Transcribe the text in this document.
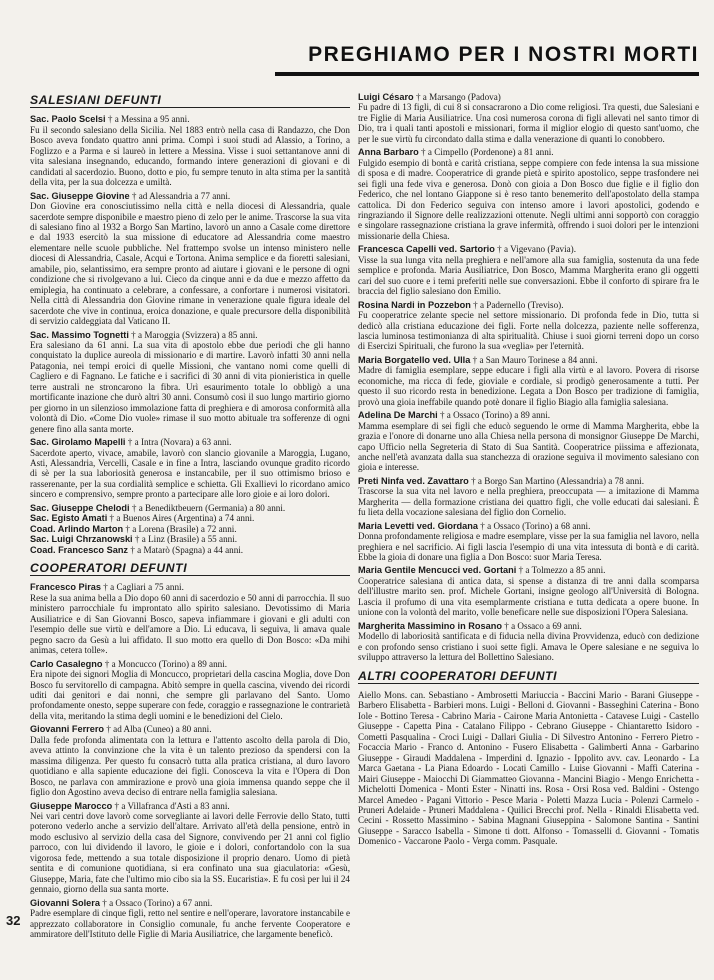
PREGHIAMO PER I NOSTRI MORTI
SALESIANI DEFUNTI
Sac. Paolo Scelsi † a Messina a 95 anni.
Fu il secondo salesiano della Sicilia. Nel 1883 entrò nella casa di Randazzo, che Don Bosco aveva fondato quattro anni prima. Compì i suoi studi ad Alassio, a Torino, a Foglizzo e a Parma e si laureò in lettere a Messina. Visse i suoi settantanove anni di vita salesiana insegnando, educando, formando intere generazioni di giovani e di candidati al sacerdozio. Buono, dotto e pio, fu sempre tenuto in alta stima per la santità della vita, per la sua dolcezza e umiltà.
Sac. Giuseppe Giovine † ad Alessandria a 77 anni.
Don Giovine era conosciutissimo nella città e nella diocesi di Alessandria, quale sacerdote sempre disponibile e maestro pieno di zelo per le anime. Trascorse la sua vita di salesiano fino al 1932 a Borgo San Martino, lavorò un anno a Casale come direttore e dal 1933 esercitò la sua missione di educatore ad Alessandria come maestro elementare nelle scuole pubbliche. Nel frattempo svolse un intenso ministero nelle diocesi di Alessandria, Casale, Acqui e Tortona. Anima semplice e da fioretti salesiani, amabile, pio, selantissimo, era sempre pronto ad aiutare i giovani e le persone di ogni condizione che si rivolgevano a lui. Cieco da cinque anni e da due e mezzo affetto da emiplegia, ha continuato a celebrare, a confessare, a confortare i numerosi visitatori. Nella città di Alessandria don Giovine rimane in venerazione quale figura ideale del sacerdote che vive in continua, eroica donazione, e quale precursore della disponibilità di servizio caldeggiata dal Vaticano II.
Sac. Massimo Tognetti † a Maroggia (Svizzera) a 85 anni.
Era salesiano da 61 anni. La sua vita di apostolo ebbe due periodi che gli hanno conquistato la duplice aureola di missionario e di martire. Lavorò infatti 30 anni nella Patagonia, nei tempi eroici di quelle Missioni, che vantano nomi come quelli di Cagliero e di Fagnano. Le fatiche e i sacrifici di 30 anni di vita pionieristica in quelle terre australi ne stroncarono la fibra. Urì esaurimento totale lo obbligò a una mortificante inazione che durò altri 30 anni. Consumò così il suo lungo martirio giorno per giorno in un silenzioso immolazione fatta di preghiera e di amorosa conformità alla volontà di Dio. «Come Dio vuole» rimase il suo motto abituale tra sofferenze di ogni genere fino alla santa morte.
Sac. Girolamo Mapelli † a Intra (Novara) a 63 anni.
Sacerdote aperto, vivace, amabile, lavorò con slancio giovanile a Maroggia, Lugano, Asti, Alessandria, Vercelli, Casale e in fine a Intra, lasciando ovunque gradito ricordo di sè per la sua laboriosità generosa e instancabile, per il suo ottimismo briosо e rasserenante, per la sua cordialità semplice e schietta. Gli Exallievi lo ricordano amico sincero e comprensivo, sempre pronto a partecipare alle loro gioie e ai loro dolori.
Sac. Giuseppe Chelodi † a Benediktbeuern (Germania) a 80 anni.
Sac. Egisto Amati † a Buenos Aires (Argentina) a 74 anni.
Coad. Arlindo Marton † a Lorena (Brasile) a 72 anni.
Sac. Luigi Chrzanowski † a Linz (Brasile) a 55 anni.
Coad. Francesco Sanz † a Matarò (Spagna) a 44 anni.
COOPERATORI DEFUNTI
Francesco Piras † a Cagliari a 75 anni.
Rese la sua anima bella a Dio dopo 60 anni di sacerdozio e 50 anni di parrocchia. Il suo ministero parrocchiale fu improntato allo spirito salesiano. Devotissimo di Maria Ausiliatrice e di San Giovanni Bosco, sapeva infiammare i giovani e gli adulti con l'esempio delle sue virtù e dell'amore a Dio. Li educava, li seguiva, li amava quale pegno sacro da Gesù a lui affidato. Il suo motto era quello di Don Bosco: «Da mihi animas, cetera tolle».
Carlo Casalegno † a Moncucco (Torino) a 89 anni.
Era nipote dei signori Moglia di Moncucco, proprietari della cascina Moglia, dove Don Bosco fu servitorello di campagna. Abitò sempre in quella cascina, vivendo dei ricordi uditi dai genitori e dai nonni, che sempre gli parlavano del Santo. Uomo profondamente onesto, seppe superare con fede, coraggio e rassegnazione le contrarietà della vita, meritando la stima degli uomini e le benedizioni del Cielo.
Giovanni Ferrero † ad Alba (Cuneo) a 80 anni.
Dalla fede profonda alimentata con la lettura e l'attento ascolto della parola di Dio, aveva attinto la convinzione che la vita è un talento prezioso da spendersi con la massima diligenza. Per questo fu consacrò tutta alla pratica cristiana, al duro lavoro quotidiano e alla sapiente educazione dei figli. Conosceva la vita e l'Opera di Don Bosco, ne parlava con ammirazione e provò una gioia immensa quando seppe che il figlio don Agostino aveva deciso di entrare nella famiglia salesiana.
Giuseppe Marocco † a Villafranca d'Asti a 83 anni.
Nei vari centri dove lavorò come sorvegliante ai lavori delle Ferrovie dello Stato, tutti poterono vederlo anche a servizio dell'altare. Arrivato all'età della pensione, entrò in modo esclusivo al servizio della casa del Signore, convivendo per 21 anni col figlio parroco, con lui dividendo il lavoro, le gioie e i dolori, confortandolo con la sua vigorosa fede, mettendo a sua totale disposizione il proprio denaro. Uomo di pietà sentita e di comunione quotidiana, si era confinato una sua giaculatoria: «Gesù, Giuseppe, Maria, fate che l'ultimo mio cibo sia la SS. Eucaristia». E fu così per lui il 24 gennaio, giorno della sua santa morte.
Giovanni Solera † a Ossaco (Torino) a 67 anni.
Padre esemplare di cinque figli, retto nel sentire e nell'operare, lavoratore instancabile e apprezzato collaboratore in Consiglio comunale, fu anche fervente Cooperatore e ammiratore dell'Istituto delle Figlie di Maria Ausiliatrice, che largamente beneficò.
Luigi Césaro † a Marsango (Padova)
Fu padre di 13 figli, di cui 8 si consacrarono a Dio come religiosi. Tra questi, due Salesiani e tre Figlie di Maria Ausiliatrice. Una così numerosa corona di figli allevati nel santo timor di Dio, tra i quali tanti apostoli e missionari, forma il miglior elogio di questo sant'uomo, che per le sue virtù fu circondato dalla stima e dalla venerazione di quanti lo conobbero.
Anna Barbaro † a Cimpello (Pordenone) a 81 anni.
Fulgido esempio di bontà e carità cristiana, seppe compiere con fede intensa la sua missione di sposa e di madre. Cooperatrice di grande pietà e spirito apostolico, seppe trasfondere nei sei figli una fede viva e generosa. Donò con gioia a Don Bosco due figlie e il figlio don Federico, che nel lontano Giappone si è reso tanto benemerito dell'apostolato della stampa cattolica. Di don Federico seguiva con intenso amore i lavori apostolici, godendo e ringraziando il Signore delle realizzazioni ottenute. Negli ultimi anni sopportò con coraggio e singolare rassegnazione cristiana la grave infermità, offrendo i suoi dolori per le intenzioni missionarie della Chiesa.
Francesca Capelli ved. Sartorio † a Vigevano (Pavia).
Visse la sua lunga vita nella preghiera e nell'amore alla sua famiglia, sostenuta da una fede semplice e profonda. Maria Ausiliatrice, Don Bosco, Mamma Margherita erano gli oggetti cari del suo cuore e i temi preferiti nelle sue conversazioni. Ebbe il conforto di spirare fra le braccia del figlio salesiano don Emilio.
Rosina Nardi in Pozzebon † a Padernello (Treviso).
Fu cooperatrice zelante specie nel settore missionario. Di profonda fede in Dio, tutta si dedicò alla cristiana educazione dei figli. Forte nella dolcezza, paziente nelle sofferenza, lascia luminosa testimonianza di alta spiritualità. Chiuse i suoi giorni terreni dopo un corso di Esercizi Spirituali, che furono la sua «veglia» per l'eternità.
Maria Borgatello ved. Ulla † a San Mauro Torinese a 84 anni.
Madre di famiglia esemplare, seppe educare i figli alla virtù e al lavoro. Povera di risorse economiche, ma ricca di fede, giovialе e cordiale, si prodigò generosamente a tutti. Per questo il suo ricordo resta in benedizione. Legata a Don Bosco per tradizione di famiglia, provò una gioia ineffabile quando potè donare il figlio Biagio alla famiglia salesiana.
Adelina De Marchi † a Ossaco (Torino) a 89 anni.
Mamma esemplare di sei figli che educò seguendo le orme di Mamma Margherita, ebbe la grazia e l'onore di donarne uno alla Chiesa nella persona di monsignor Giuseppe De Marchi, capo Ufficio nella Segreteria di Stato di Sua Santità. Cooperatrice piissima e affezionata, anche nell'età avanzata dalla sua stanchezza di orazione seguiva il movimento salesiano con gioia e interesse.
Preti Ninfa ved. Zavattaro † a Borgo San Martino (Alessandria) a 78 anni.
Trascorse la sua vita nel lavoro e nella preghiera, preoccupata — a imitazione di Mamma Margherita — della formazione cristiana dei quattro figli, che volle educati dai salesiani. È fu lieta della vocazione salesiana del figlio don Cornelio.
Maria Levetti ved. Giordana † a Ossaco (Torino) a 68 anni.
Donna profondamente religiosa e madre esemplare, visse per la sua famiglia nel lavoro, nella preghiera e nel sacrificio. Ai figli lascia l'esempio di una vita intessuta di bontà e di carità. Ebbe la gioia di donare una figlia a Don Bosco: suor Maria Teresa.
Maria Gentile Mencucci ved. Gortani † a Tolmezzo a 85 anni.
Cooperatrice salesiana di antica data, si spense a distanza di tre anni dalla scomparsa dell'illustre marito sen. prof. Michele Gortani, insigne geologo all'Università di Bologna. Lascia il profumo di una vita esemplarmente cristiana e tutta dedicata a opere buone. In unione con la volontà del marito, volle beneficare nelle sue disposizioni l'Opera Salesiana.
Margherita Massimino in Rosano † a Ossaco a 69 anni.
Modello di laboriosità santificata e di fiducia nella divina Provvidenza, educò con dedizione e con profondo senso cristiano i suoi sette figli. Amava le Opere salesiane e ne seguiva lo sviluppo attraverso la lettura del Bollettino Salesiano.
ALTRI COOPERATORI DEFUNTI
Aiello Mons. can. Sebastiano - Ambrosetti Mariuccia - Baccini Mario - Barani Giuseppe - Barbero Elisabetta - Barbieri mons. Luigi - Belloni d. Giovanni - Basseghini Caterina - Bono Iole - Bottino Teresa - Cabrino Maria - Cairone Maria Antonietta - Catavese Luigi - Castello Giuseppe - Capetta Pina - Catalano Filippo - Cebrano Giuseppe - Chiantaretto Isidoro - Cometti Pasqualina - Croci Luigi - Dallari Giulia - Di Silvestro Antonino - Ferrero Pietro - Focaccia Mario - Franco d. Antonino - Fusero Elisabetta - Galimberti Anna - Garbarino Giuseppe - Giraudi Maddalena - Imperdini d. Ignazio - Ippolito avv. cav. Leonardo - La Marca Gaetana - La Piana Edoardo - Locati Camillo - Luise Giovanni - Maffi Caterina - Mairi Giuseppe - Maiocchi Di Giammatteo Giovanna - Mancini Biagio - Mengo Enrichetta - Michelotti Domenica - Monti Ester - Ninatti ins. Rosa - Orsi Rosa ved. Baldini - Ostengo Marcel Amedeo - Pagani Vittorio - Pesce Maria - Poletti Mazza Lucia - Polenzi Carmelo - Pruneri Adelaide - Pruneri Maddalena - Quilici Brecchi prof. Nella - Rinaldi Elisabetta ved. Cecini - Rossetto Massimino - Sabina Magnani Giuseppina - Salomone Santina - Santini Giuseppe - Saracco Isabella - Simone ti dott. Alfonso - Tomasselli d. Giovanni - Tomatis Domenico - Vaccarone Paolo - Verga comm. Pasquale.
32
